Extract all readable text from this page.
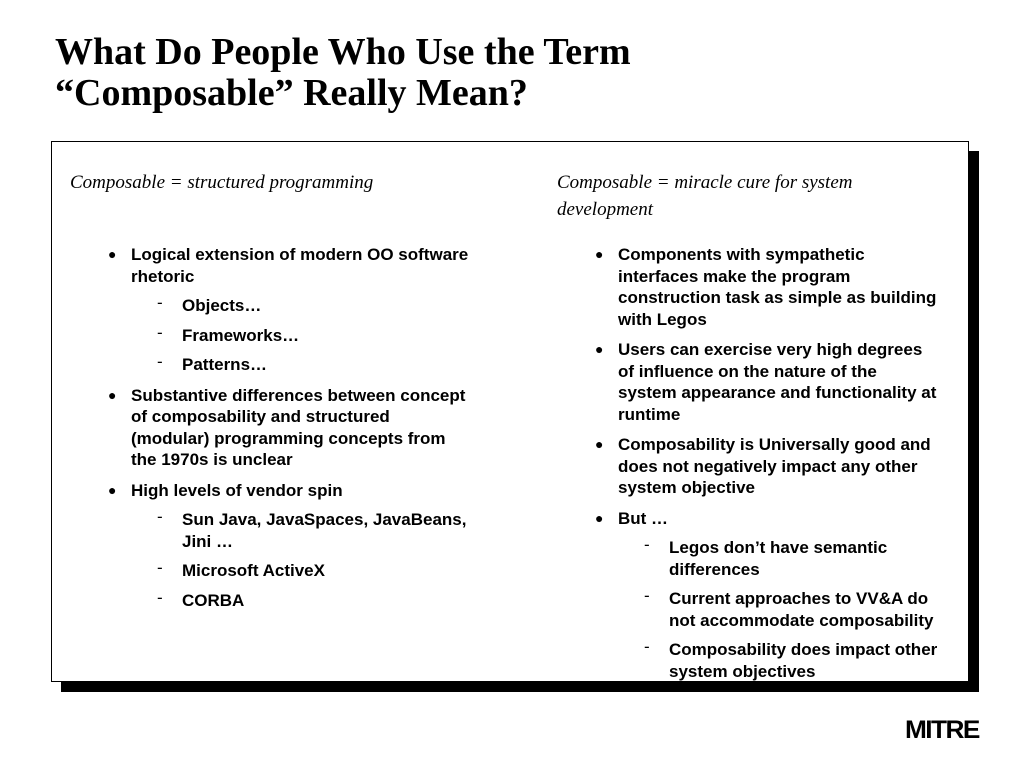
What Do People Who Use the Term
“Composable” Really Mean?

Composable = structured programming

● Logical extension of modern OO software rhetoric
- Objects…
- Frameworks…
- Patterns…
● Substantive differences between concept of composability and structured (modular) programming concepts from the 1970s is unclear
● High levels of vendor spin
- Sun Java, JavaSpaces, JavaBeans, Jini …
- Microsoft ActiveX
- CORBA

Composable = miracle cure for system development

● Components with sympathetic interfaces make the program construction task as simple as building with Legos
● Users can exercise very high degrees of influence on the nature of the system appearance and functionality at runtime
● Composability is Universally good and does not negatively impact any other system objective
● But …
- Legos don’t have semantic differences
- Current approaches to VV&A do not accommodate composability
- Composability does impact other system objectives
MITRE
